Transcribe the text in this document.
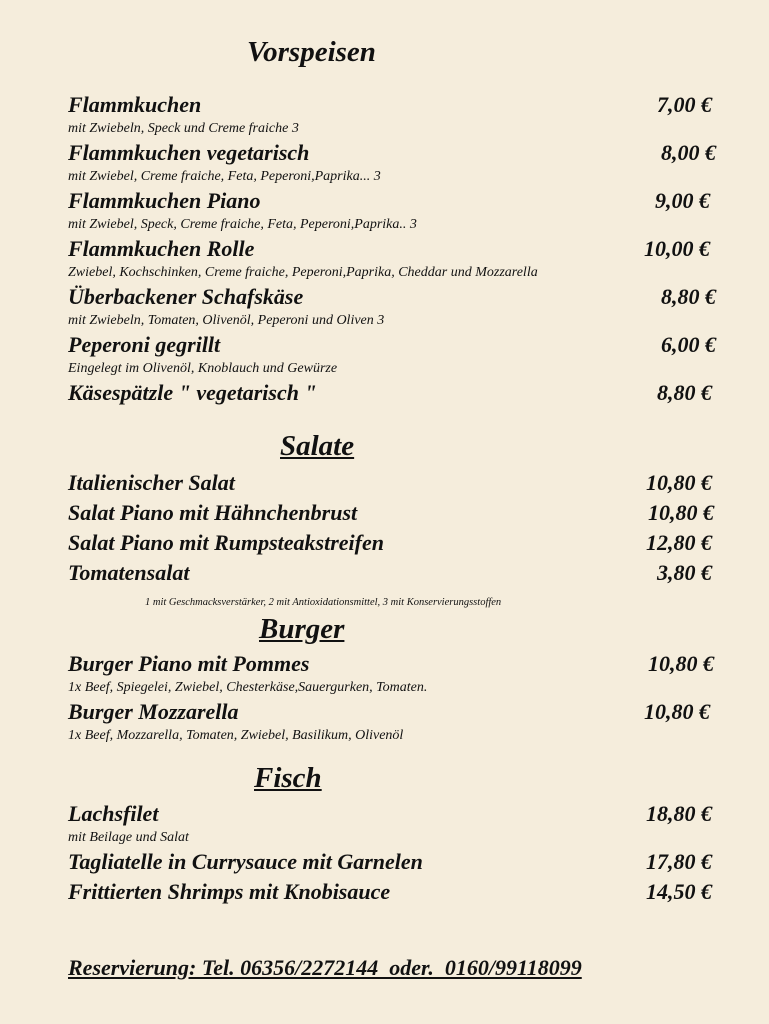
Vorspeisen
Flammkuchen	7,00 €
mit Zwiebeln, Speck und Creme fraiche 3
Flammkuchen vegetarisch	8,00 €
mit Zwiebel, Creme fraiche, Feta, Peperoni,Paprika... 3
Flammkuchen Piano	9,00 €
mit Zwiebel, Speck, Creme fraiche, Feta, Peperoni,Paprika.. 3
Flammkuchen Rolle	10,00 €
Zwiebel, Kochschinken, Creme fraiche, Peperoni,Paprika, Cheddar und Mozzarella
Überbackener Schafskäse	8,80 €
mit Zwiebeln, Tomaten, Olivenöl, Peperoni und Oliven 3
Peperoni gegrillt	6,00 €
Eingelegt im Olivenöl, Knoblauch und Gewürze
Käsespätzle " vegetarisch "	8,80 €
Salate
Italienischer Salat	10,80 €
Salat Piano mit Hähnchenbrust	10,80 €
Salat Piano mit Rumpsteakstreifen	12,80 €
Tomatensalat	3,80 €
1 mit Geschmacksverstärker, 2 mit Antioxidationsmittel, 3 mit Konservierungsstoffen
Burger
Burger Piano mit Pommes	10,80 €
1x Beef, Spiegelei, Zwiebel, Chesterkäse,Sauergurken, Tomaten.
Burger Mozzarella	10,80 €
1x Beef, Mozzarella, Tomaten, Zwiebel, Basilikum, Olivenöl
Fisch
Lachsfilet	18,80 €
mit Beilage und Salat
Tagliatelle in Currysauce mit Garnelen	17,80 €
Frittierten Shrimps mit Knobisauce	14,50 €
Reservierung: Tel. 06356/2272144  oder.  0160/99118099
